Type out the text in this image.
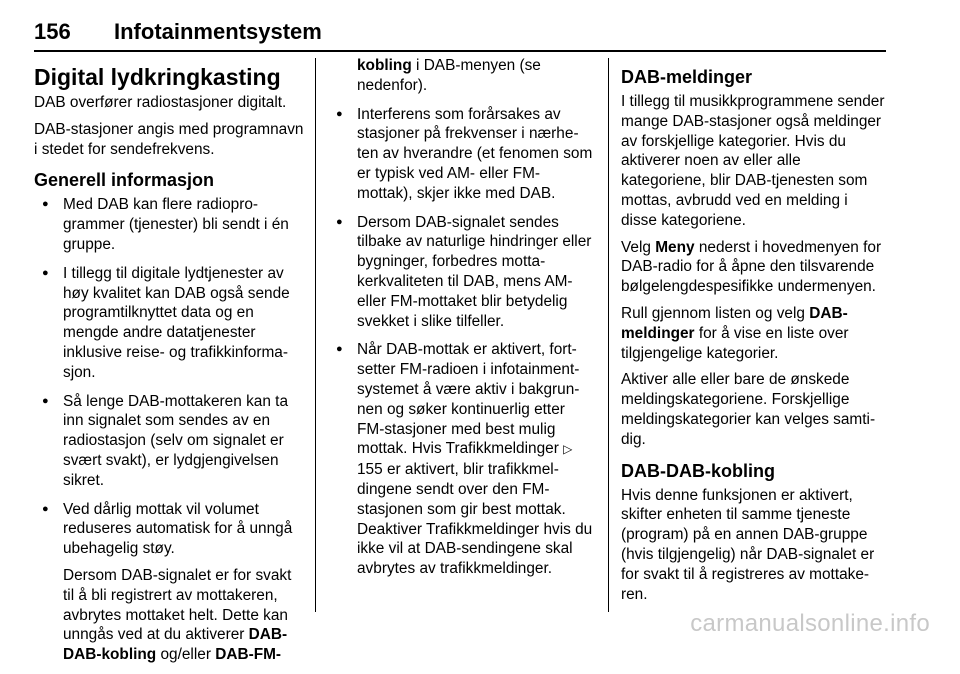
156 Infotainmentsystem
Digital lydkringkasting

DAB overfører radiostasjoner digitalt.

DAB-stasjoner angis med programnavn i stedet for sendefrekvens.

Generell informasjon
● Med DAB kan flere radioprogrammer (tjenester) bli sendt i én gruppe.
● I tillegg til digitale lydtjenester av høy kvalitet kan DAB også sende programtilknyttet data og en mengde andre datatjenester inklusive reise- og trafikkinformasjon.
● Så lenge DAB-mottakeren kan ta inn signalet som sendes av en radiostasjon (selv om signalet er svært svakt), er lydgjengivelsen sikret.

● Ved dårlig mottak vil volumet reduseres automatisk for å unngå ubehagelig støy.

Dersom DAB-signalet er for svakt til å bli registrert av mottakeren, avbrytes mottaket helt. Dette kan unngås ved at du aktiverer DAB-DAB-kobling og/eller DAB-FM-

kobling i DAB-menyen (se nedenfor).

● Interferens som forårsakes av stasjoner på frekvenser i nærheten av hverandre (et fenomen som er typisk ved AM- eller FM-mottak), skjer ikke med DAB.
● Dersom DAB-signalet sendes tilbake av naturlige hindringer eller bygninger, forbedres mottakerkvaliteten til DAB, mens AM- eller FM-mottaket blir betydelig svekket i slike tilfeller.
● Når DAB-mottak er aktivert, fortsetter FM-radioen i infotainmentsystemet å være aktiv i bakgrunnen og søker kontinuerlig etter FM-stasjoner med best mulig mottak. Hvis Trafikkmeldinger ▷ 155 er aktivert, blir trafikkmeldingene sendt over den FM-stasjonen som gir best mottak. Deaktiver Trafikkmeldinger hvis du ikke vil at DAB-sendingene skal avbrytes av trafikkmeldinger.
DAB-meldinger

I tillegg til musikkprogrammene sender mange DAB-stasjoner også meldinger av forskjellige kategorier. Hvis du aktiverer noen av eller alle kategoriene, blir DAB-tjenesten som mottas, avbrudd ved en melding i disse kategoriene.

Velg Meny nederst i hovedmenyen for DAB-radio for å åpne den tilsvarende bølgelengdespesifikke undermenyen.

Rull gjennom listen og velg DAB-meldinger for å vise en liste over tilgjengelige kategorier.

Aktiver alle eller bare de ønskede meldingskategoriene. Forskjellige meldingskategorier kan velges samtidig.

DAB-DAB-kobling

Hvis denne funksjonen er aktivert, skifter enheten til samme tjeneste (program) på en annen DAB-gruppe (hvis tilgjengelig) når DAB-signalet er for svakt til å registreres av mottakeren.

carmanualsonline.info
